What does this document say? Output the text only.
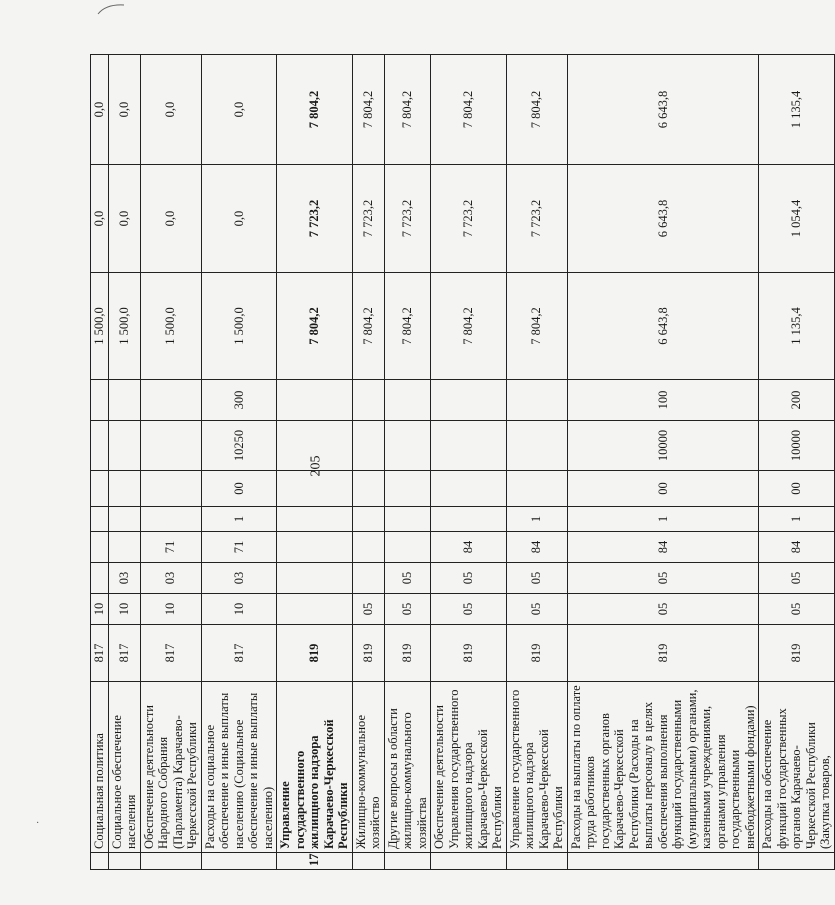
205
·
		Социальная политика	817	10							1 500,0	0,0	0,0
	Социальное обеспечение населения	817	10	03						1 500,0	0,0	0,0
	Обеспечение деятельности Народного Собрания (Парламента) Карачаево-Черкесской Республики	817	10	03	71					1 500,0	0,0	0,0
	Расходы на социальное обеспечение и иные выплаты населению (Социальное обеспечение и иные выплаты населению)	817	10	03	71	1	00	10250	300	1 500,0	0,0	0,0
17	Управление государственного жилищного надзора Карачаево-Черкесской Республики	819								7 804,2	7 723,2	7 804,2
	Жилищно-коммунальное хозяйство	819	05							7 804,2	7 723,2	7 804,2
	Другие вопросы в области жилищно-коммунального хозяйства	819	05	05						7 804,2	7 723,2	7 804,2
	Обеспечение деятельности Управления государственного жилищного надзора Карачаево-Черкесской Республики	819	05	05	84					7 804,2	7 723,2	7 804,2
	Управление государственного жилищного надзора Карачаево-Черкесской Республики	819	05	05	84	1				7 804,2	7 723,2	7 804,2
	Расходы на выплаты по оплате труда работников государственных органов Карачаево-Черкесской Республики (Расходы на выплаты персоналу в целях обеспечения выполнения функций государственными (муниципальными) органами, казенными учреждениями, органами управления государственными внебюджетными фондами)	819	05	05	84	1	00	10000	100	6 643,8	6 643,8	6 643,8
	Расходы на обеспечение функций государственных органов Карачаево-Черкесской Республики (Закупка товаров,	819	05	05	84	1	00	10000	200	1 135,4	1 054,4	1 135,4
